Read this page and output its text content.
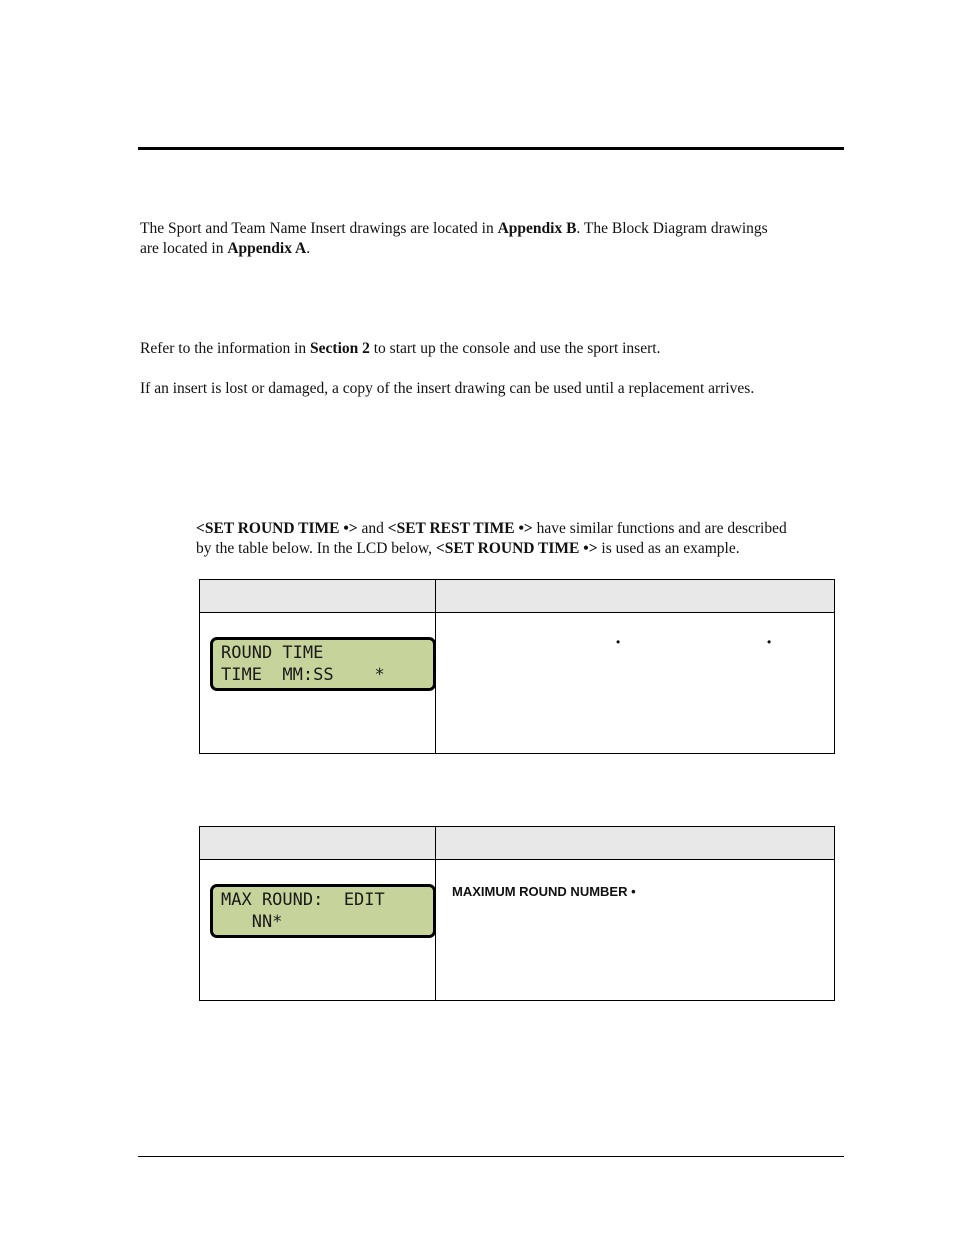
The Sport and Team Name Insert drawings are located in Appendix B. The Block Diagram drawings
are located in Appendix A.

Refer to the information in Section 2 to start up the console and use the sport insert.

If an insert is lost or damaged, a copy of the insert drawing can be used until a replacement arrives.

<SET ROUND TIME •> and <SET REST TIME •> have similar functions and are described
by the table below. In the LCD below, <SET ROUND TIME •> is used as an example.

ROUND TIME
TIME  MM:SS    *	• •

MAX ROUND:  EDIT
NN*	MAXIMUM ROUND NUMBER •
